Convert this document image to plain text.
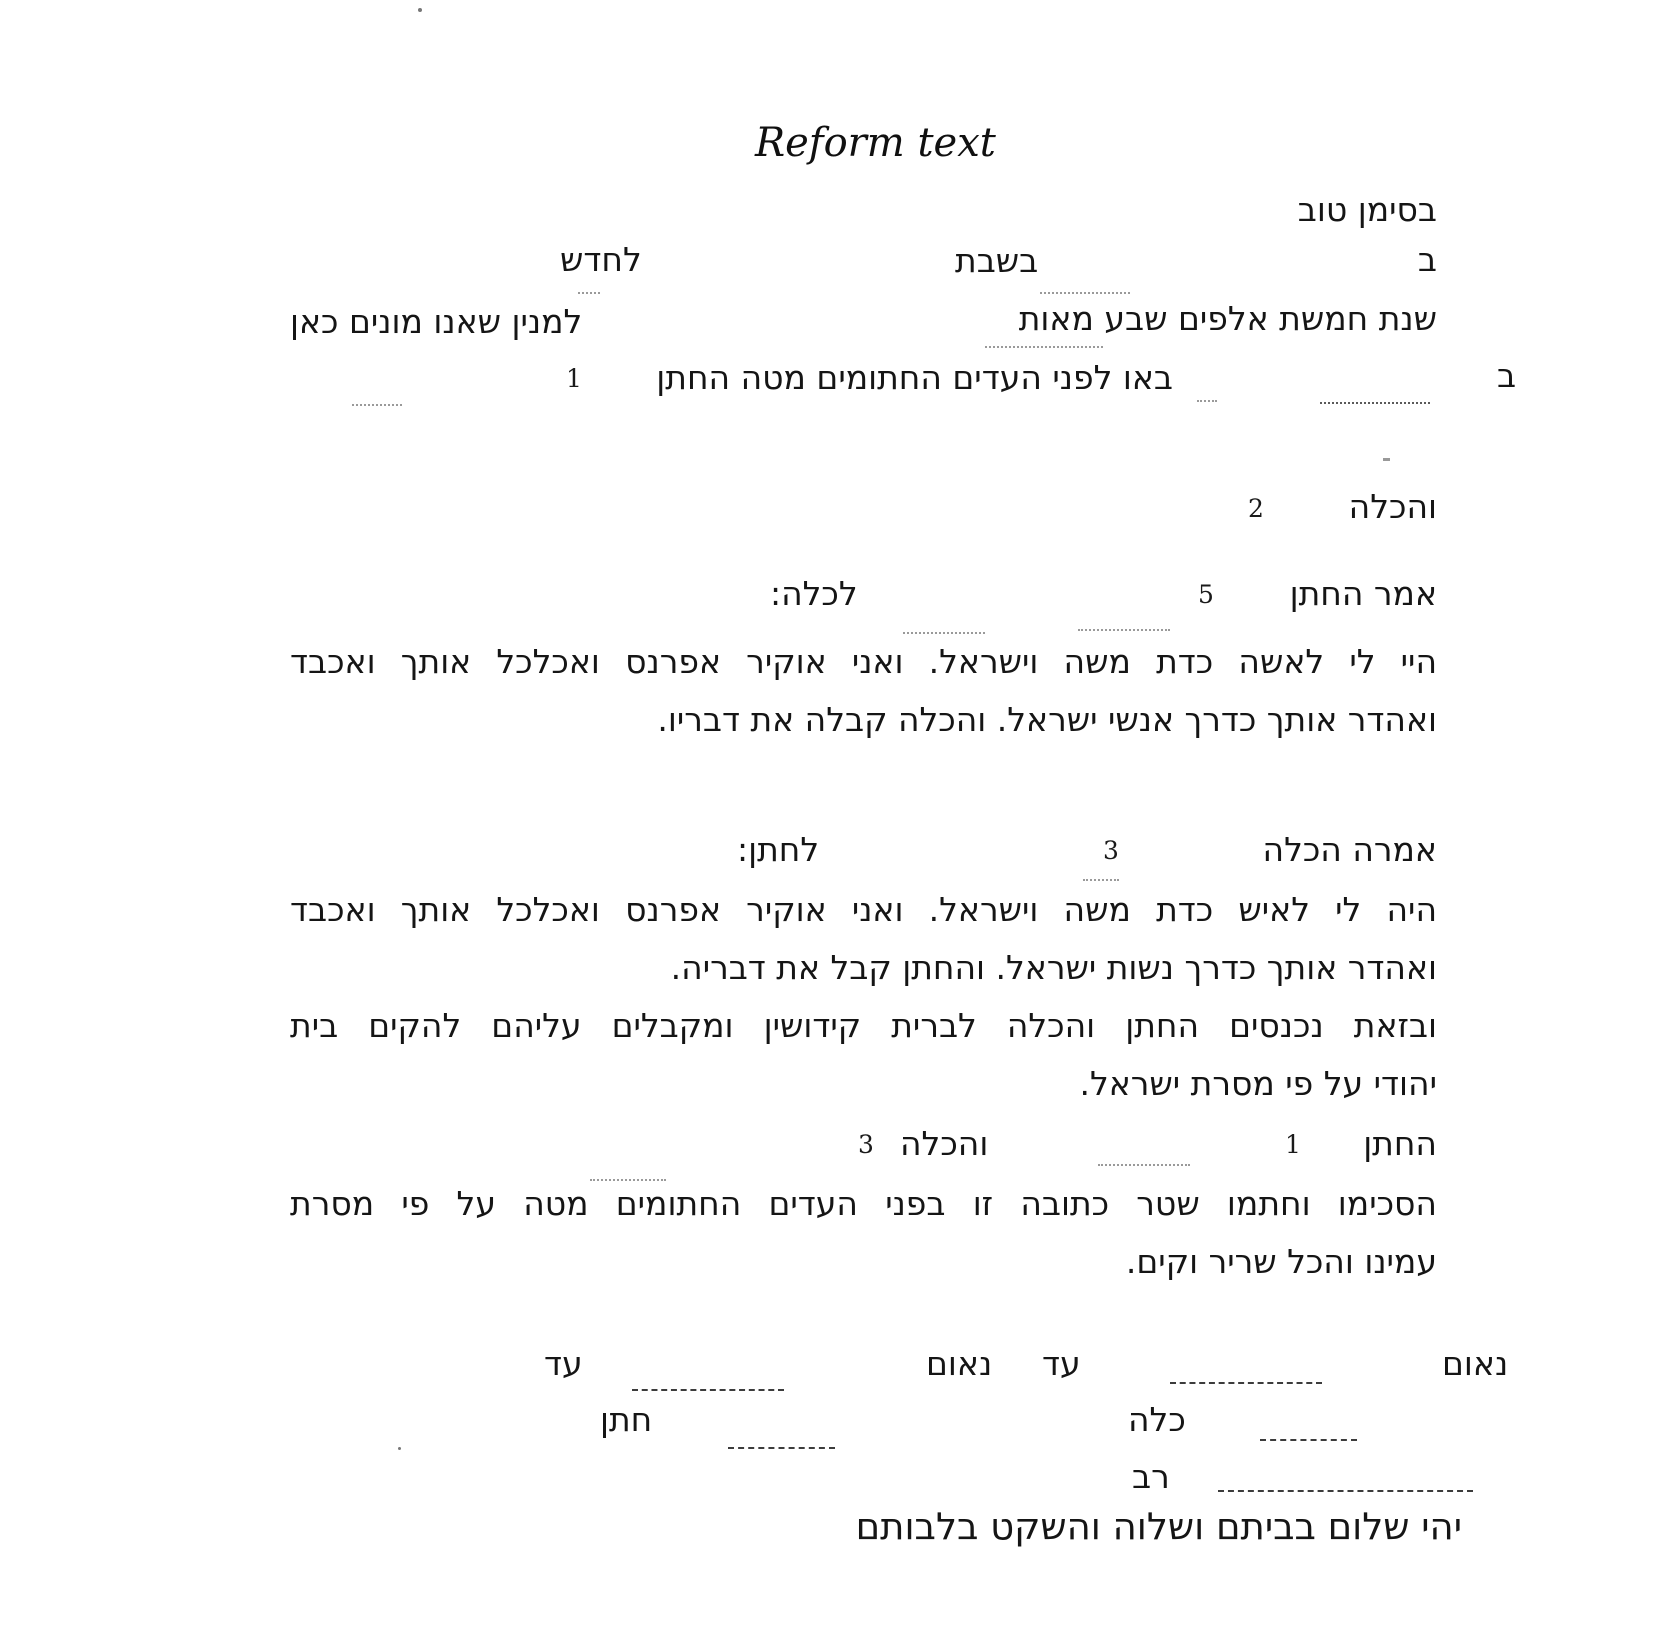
Reform text
בסימן טוב
ב
בשבת
לחדש
שנת חמשת אלפים שבע מאות
למנין שאנו מונים כאן
ב
באו לפני העדים החתומים מטה החתן
1
והכלה
2
אמר החתן
5
לכלה:
היי לי לאשה כדת משה וישראל. ואני אוקיר אפרנס ואכלכל אותך ואכבד
ואהדר אותך כדרך אנשי ישראל. והכלה קבלה את דבריו.
אמרה הכלה
3
לחתן:
היה לי לאיש כדת משה וישראל. ואני אוקיר אפרנס ואכלכל אותך ואכבד
ואהדר אותך כדרך נשות ישראל. והחתן קבל את דבריה.
ובזאת נכנסים החתן והכלה לברית קידושין ומקבלים עליהם להקים בית
יהודי על פי מסרת ישראל.
החתן
1
והכלה
3
הסכימו וחתמו שטר כתובה זו בפני העדים החתומים מטה על פי מסרת
עמינו והכל שריר וקים.
נאום
עד
נאום
עד
כלה
חתן
רב
יהי שלום בביתם ושלוה והשקט בלבותם
